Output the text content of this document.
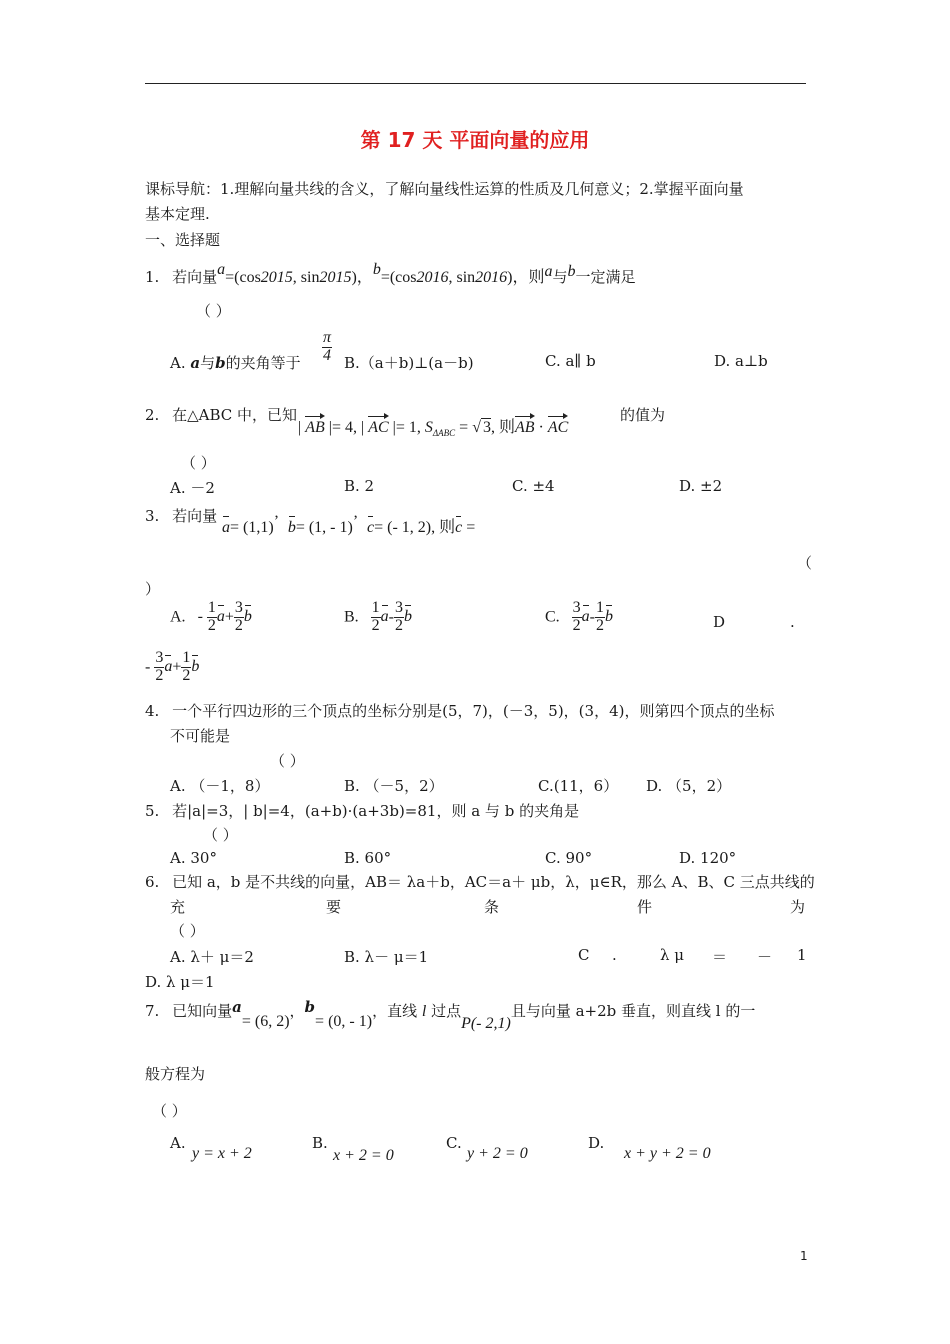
第 17 天 平面向量的应用
课标导航：1.理解向量共线的含义，了解向量线性运算的性质及几何意义；2.掌握平面向量
基本定理.
一、选择题
1. 若向量a=(cos2015, sin2015)，b=(cos2016, sin2016)，则a与b一定满足
（ ）
A. a与b的夹角等于 $\frac{\pi}{4}$ B.（a＋b)⊥(a－b)	C. a∥ b	D. a⊥b
2. 在△ABC 中，已知
| AB |= 4, | AC |= 1, $S_{\Delta ABC}$ = √ 3, 则AB · AC
的值为
（ ）
A. －2	B. 2	C. ±4	D. ±2
3. 若向量
a= (1,1)’ b= (1, - 1)’ c= (- 1, 2), 则c =
（
）
A. - $\frac{1}{2} a+ \frac{3}{2}$ b	B. $\frac{1}{2} a- \frac{3}{2}$ b	C. $\frac{3}{2} a- \frac{1}{2}$ b	D	.
- $\frac{3}{2} a+ \frac{1}{2}$ b
4. 一个平行四边形的三个顶点的坐标分别是(5，7)，(－3，5)，(3，4)，则第四个顶点的坐标
不可能是
（ ）
A. （－1，8）	B. （－5，2）	C.(11，6） D. （5，2）
5. 若|a|=3，| b|=4，(a+b)·(a+3b)=81，则 a 与 b 的夹角是
（ ）
A. 30°	B. 60°	C. 90°	D. 120°
6. 已知 a，b 是不共线的向量，AB＝ λa＋b，AC＝a＋ μb，λ，μ∈R，那么 A、B、C 三点共线的
充	要	条	件	为
（ ）
A. λ＋ μ＝2	B. λ－ μ＝1	C .	λ μ ＝ － 1
D. λ μ＝1
7. 已知向量a= (6, 2)，b= (0, - 1)，直线 l 过点P(- 2,1)且与向量 a+2b 垂直，则直线 l 的一
般方程为
（ ）
A.
y = x + 2
B.
x + 2 = 0
C.
y + 2 = 0
D.
x + y + 2 = 0
1
